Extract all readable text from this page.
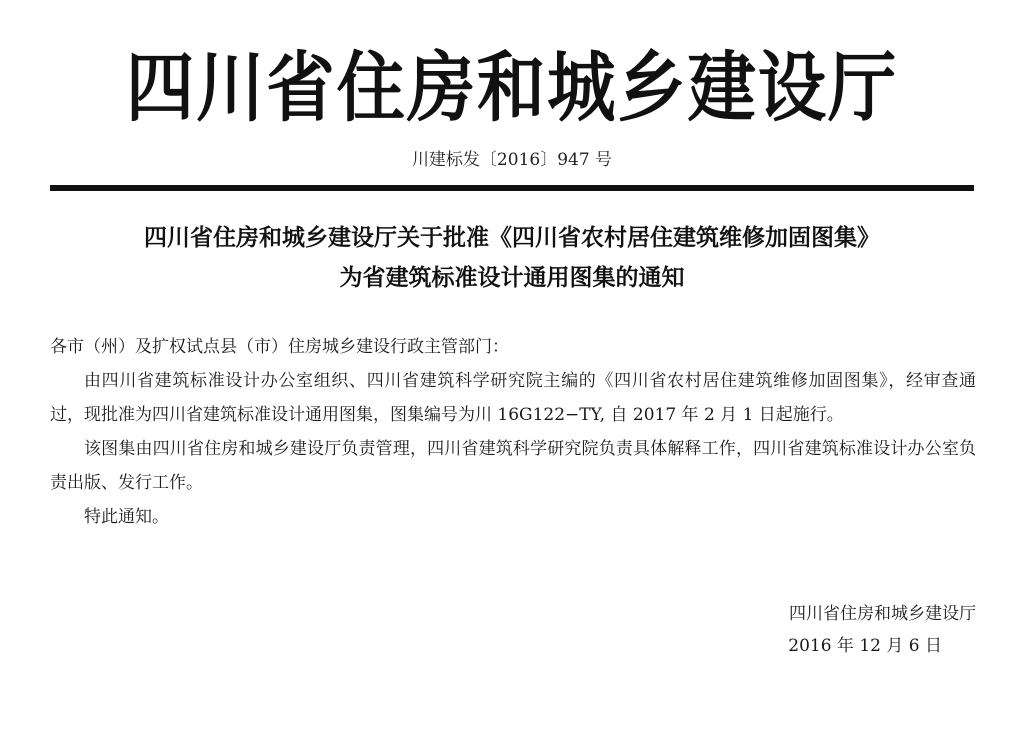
四川省住房和城乡建设厅
川建标发〔2016〕947 号
四川省住房和城乡建设厅关于批准《四川省农村居住建筑维修加固图集》
为省建筑标准设计通用图集的通知

各市（州）及扩权试点县（市）住房城乡建设行政主管部门：

由四川省建筑标准设计办公室组织、四川省建筑科学研究院主编的《四川省农村居住建筑维修加固图集》，经审查通过，现批准为四川省建筑标准设计通用图集，图集编号为川 16G122−TY, 自 2017 年 2 月 1 日起施行。

该图集由四川省住房和城乡建设厅负责管理，四川省建筑科学研究院负责具体解释工作，四川省建筑标准设计办公室负责出版、发行工作。

特此通知。

四川省住房和城乡建设厅
2016 年 12 月 6 日
